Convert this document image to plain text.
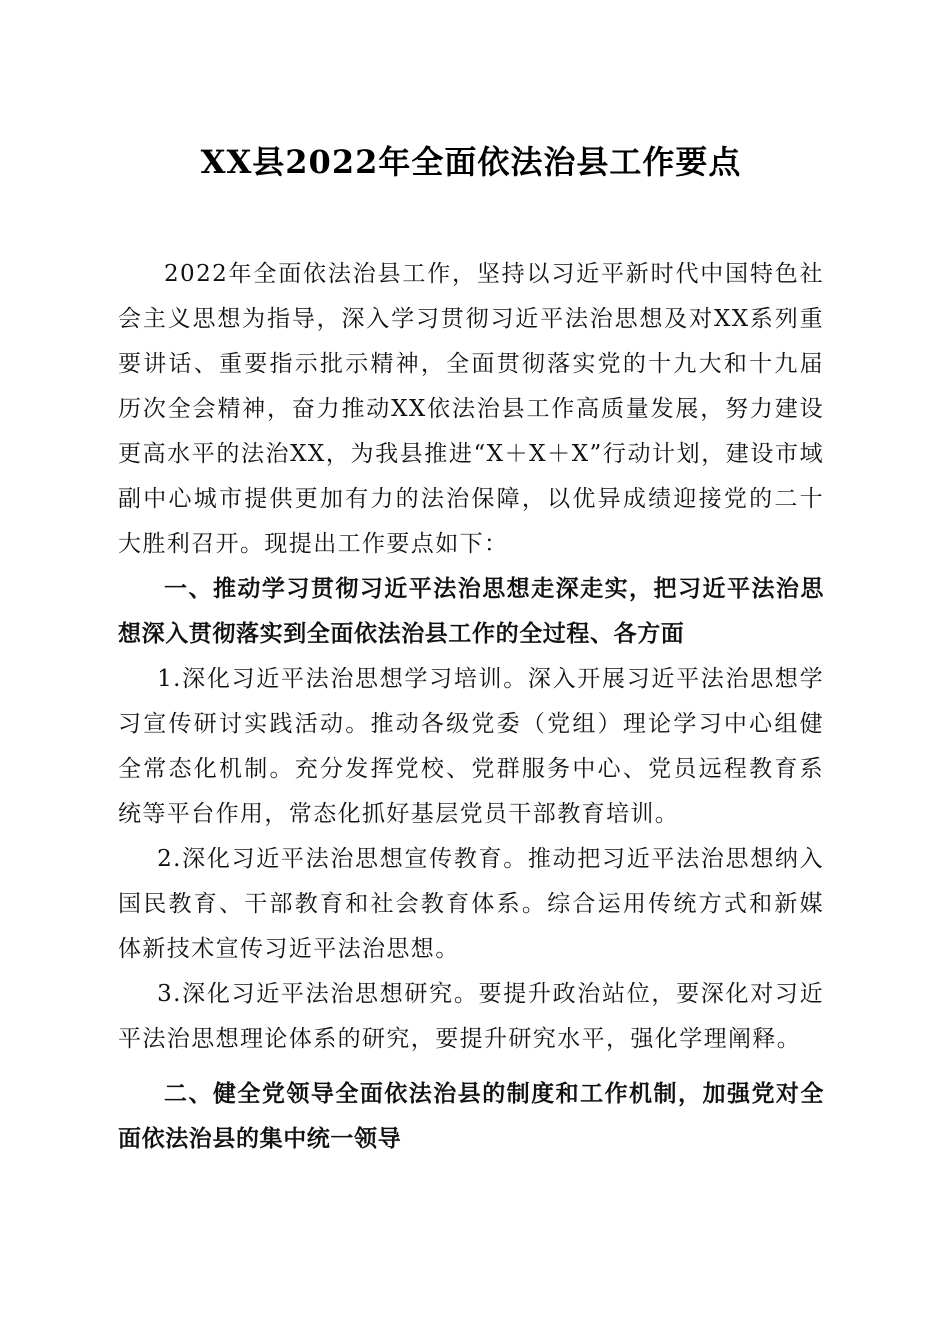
XX县2022年全面依法治县工作要点

2022年全面依法治县工作，坚持以习近平新时代中国特色社会主义思想为指导，深入学习贯彻习近平法治思想及对XX系列重要讲话、重要指示批示精神，全面贯彻落实党的十九大和十九届历次全会精神，奋力推动XX依法治县工作高质量发展，努力建设更高水平的法治XX，为我县推进“X＋X＋X”行动计划，建设市域副中心城市提供更加有力的法治保障，以优异成绩迎接党的二十大胜利召开。现提出工作要点如下：

一、推动学习贯彻习近平法治思想走深走实，把习近平法治思想深入贯彻落实到全面依法治县工作的全过程、各方面

1.深化习近平法治思想学习培训。深入开展习近平法治思想学习宣传研讨实践活动。推动各级党委（党组）理论学习中心组健全常态化机制。充分发挥党校、党群服务中心、党员远程教育系统等平台作用，常态化抓好基层党员干部教育培训。

2.深化习近平法治思想宣传教育。推动把习近平法治思想纳入国民教育、干部教育和社会教育体系。综合运用传统方式和新媒体新技术宣传习近平法治思想。

3.深化习近平法治思想研究。要提升政治站位，要深化对习近平法治思想理论体系的研究，要提升研究水平，强化学理阐释。

二、健全党领导全面依法治县的制度和工作机制，加强党对全面依法治县的集中统一领导
